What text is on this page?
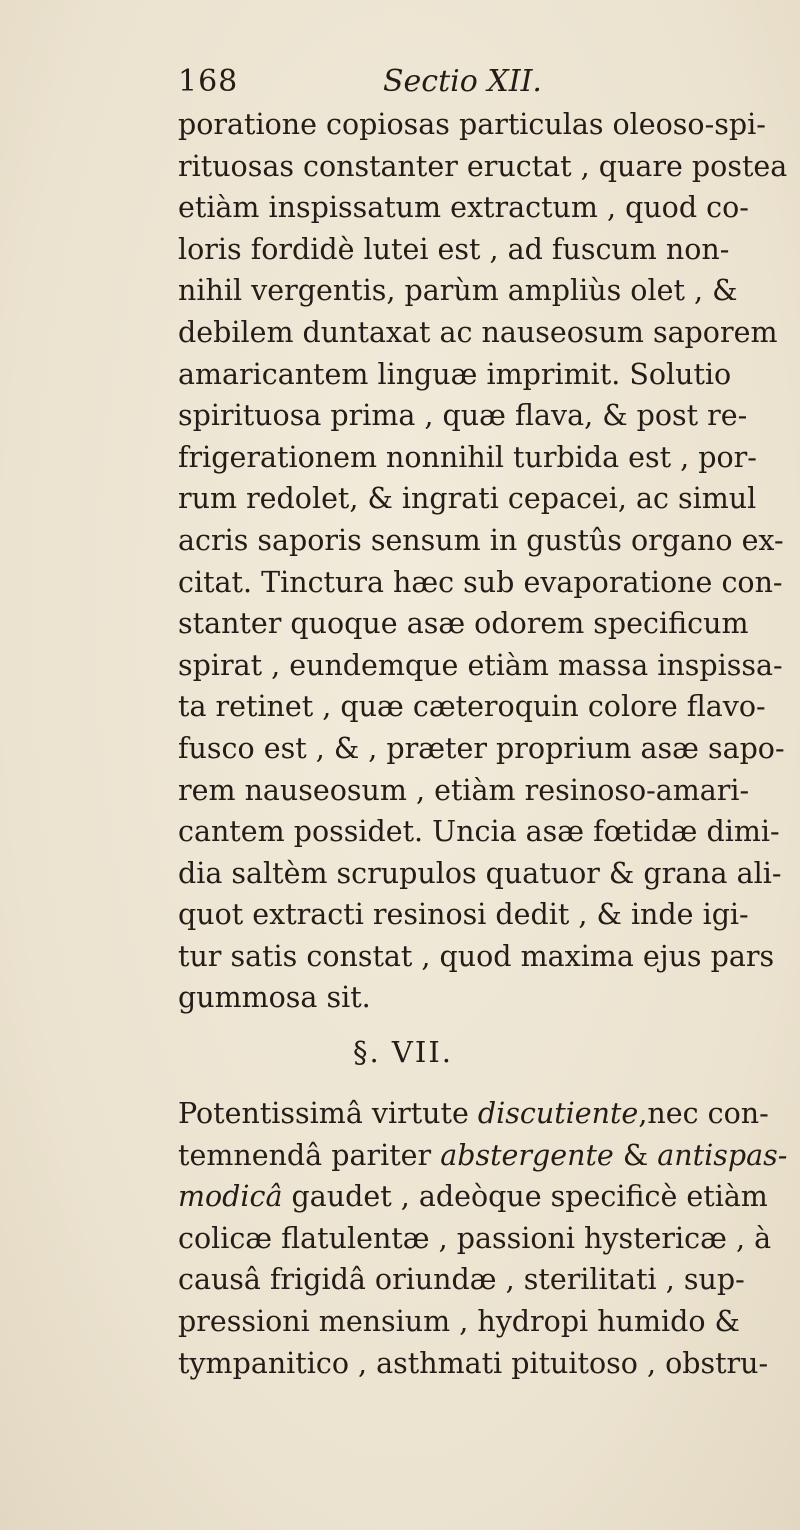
168	Sectio XII.
poratione copiosas particulas oleoso-spi-
rituosas constanter eructat , quare postea
etiàm inspissatum extractum , quod co-
loris fordidè lutei est , ad fuscum non-
nihil vergentis, parùm ampliùs olet , &
debilem duntaxat ac nauseosum saporem
amaricantem linguæ imprimit. Solutio
spirituosa prima , quæ flava, & post re-
frigerationem nonnihil turbida est , por-
rum redolet, & ingrati cepacei, ac simul
acris saporis sensum in gustûs organo ex-
citat. Tinctura hæc sub evaporatione con-
stanter quoque asæ odorem specificum
spirat , eundemque etiàm massa inspissa-
ta retinet , quæ cæteroquin colore flavo-
fusco est , & , præter proprium asæ sapo-
rem nauseosum , etiàm resinoso-amari-
cantem possidet. Uncia asæ fœtidæ dimi-
dia saltèm scrupulos quatuor & grana ali-
quot extracti resinosi dedit , & inde igi-
tur satis constat , quod maxima ejus pars
gummosa sit.
§. VII.
Potentissimâ virtute discutiente,nec con-
temnendâ pariter abstergente & antispas-
modicâ gaudet , adeòque specificè etiàm
colicæ flatulentæ , passioni hystericæ , à
causâ frigidâ oriundæ , sterilitati , sup-
pressioni mensium , hydropi humido &
tympanitico , asthmati pituitoso , obstru-
